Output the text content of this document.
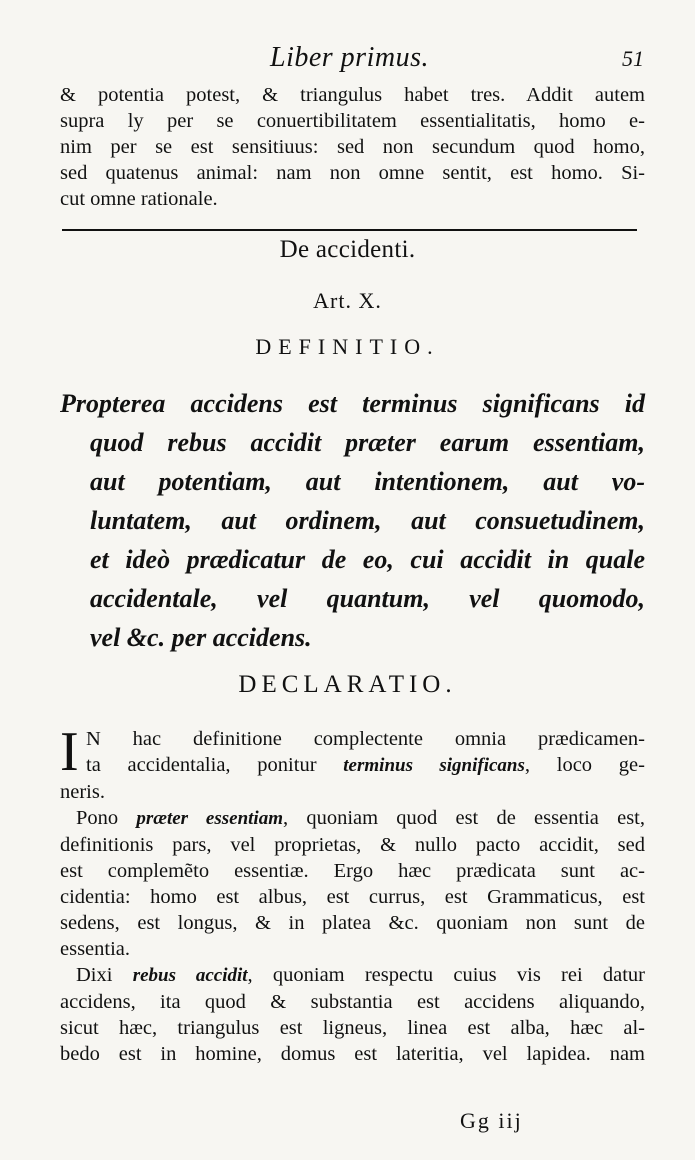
Liber primus.	51
& potentia potest, & triangulus habet tres. Addit autem
supra ly per se conuertibilitatem essentialitatis, homo e-
nim per se est sensitiuus: sed non secundum quod homo,
sed quatenus animal: nam non omne sentit, est homo. Si-
cut omne rationale.
De accidenti.
Art. X.
DEFINITIO.
Propterea accidens est terminus significans id
quod rebus accidit præter earum essentiam,
aut potentiam, aut intentionem, aut vo-
luntatem, aut ordinem, aut consuetudinem,
et ideò prædicatur de eo, cui accidit in quale
accidentale, vel quantum, vel quomodo,
vel &c. per accidens.
DECLARATIO.
I N hac definitione complectente omnia prædicamen-
ta accidentalia, ponitur terminus significans, loco ge-
neris.
Pono præter essentiam, quoniam quod est de essentia est,
definitionis pars, vel proprietas, & nullo pacto accidit, sed
est complemẽto essentiæ. Ergo hæc prædicata sunt ac-
cidentia: homo est albus, est currus, est Grammaticus, est
sedens, est longus, & in platea &c. quoniam non sunt de
essentia.
Dixi rebus accidit, quoniam respectu cuius vis rei datur
accidens, ita quod & substantia est accidens aliquando,
sicut hæc, triangulus est ligneus, linea est alba, hæc al-
bedo est in homine, domus est lateritia, vel lapidea. nam
Gg iij
